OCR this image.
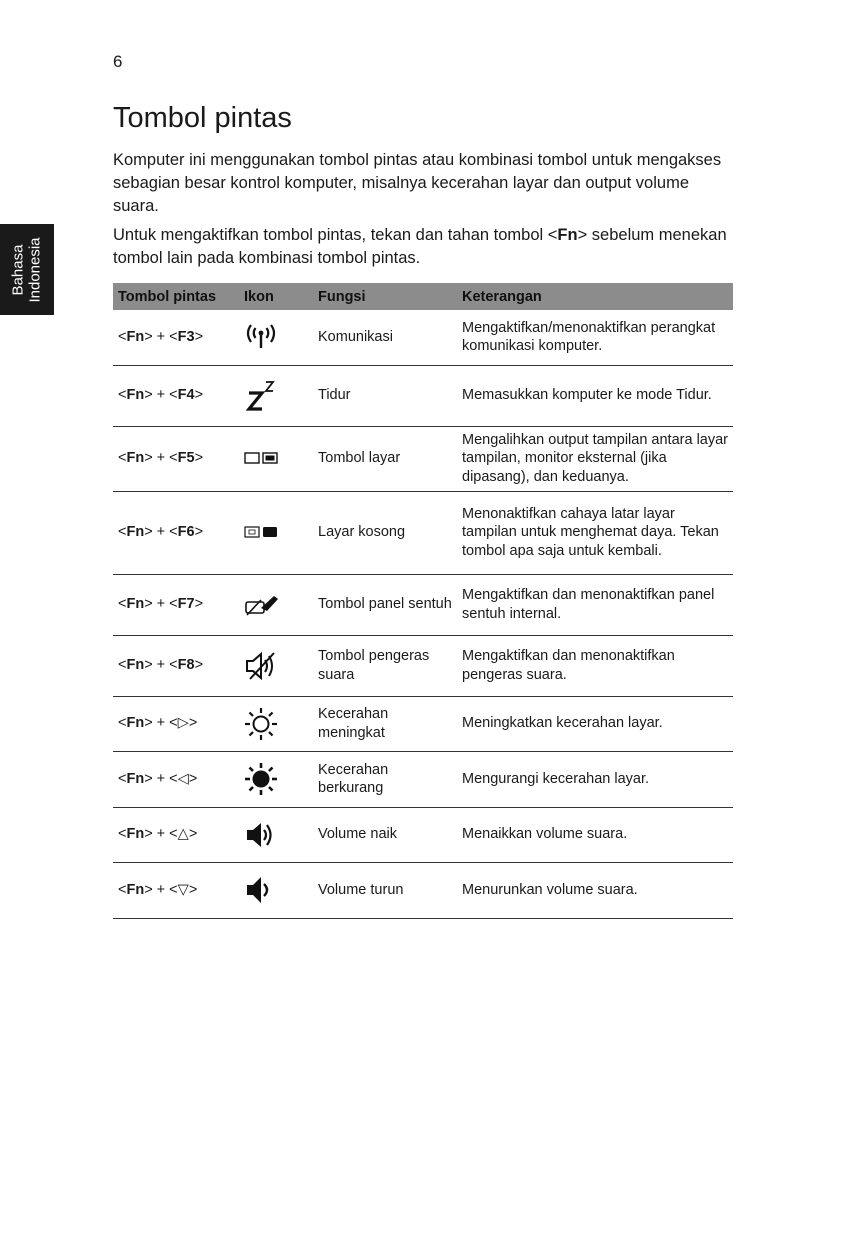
6
Bahasa Indonesia
Tombol pintas

Komputer ini menggunakan tombol pintas atau kombinasi tombol untuk mengakses sebagian besar kontrol komputer, misalnya kecerahan layar dan output volume suara.

Untuk mengaktifkan tombol pintas, tekan dan tahan tombol <Fn> sebelum menekan tombol lain pada kombinasi tombol pintas.

Tombol pintas	Ikon	Fungsi	Keterangan
<Fn> + <F3>		Komunikasi	Mengaktifkan/menonaktifkan perangkat komunikasi komputer.
<Fn> + <F4>		Tidur	Memasukkan komputer ke mode Tidur.
<Fn> + <F5>		Tombol layar	Mengalihkan output tampilan antara layar tampilan, monitor eksternal (jika dipasang), dan keduanya.
<Fn> + <F6>		Layar kosong	Menonaktifkan cahaya latar layar tampilan untuk menghemat daya. Tekan tombol apa saja untuk kembali.
<Fn> + <F7>		Tombol panel sentuh	Mengaktifkan dan menonaktifkan panel sentuh internal.
<Fn> + <F8>		Tombol pengeras suara	Mengaktifkan dan menonaktifkan pengeras suara.
<Fn> + <▷>		Kecerahan meningkat	Meningkatkan kecerahan layar.
<Fn> + <◁>		Kecerahan berkurang	Mengurangi kecerahan layar.
<Fn> + <△>		Volume naik	Menaikkan volume suara.
<Fn> + <▽>		Volume turun	Menurunkan volume suara.
